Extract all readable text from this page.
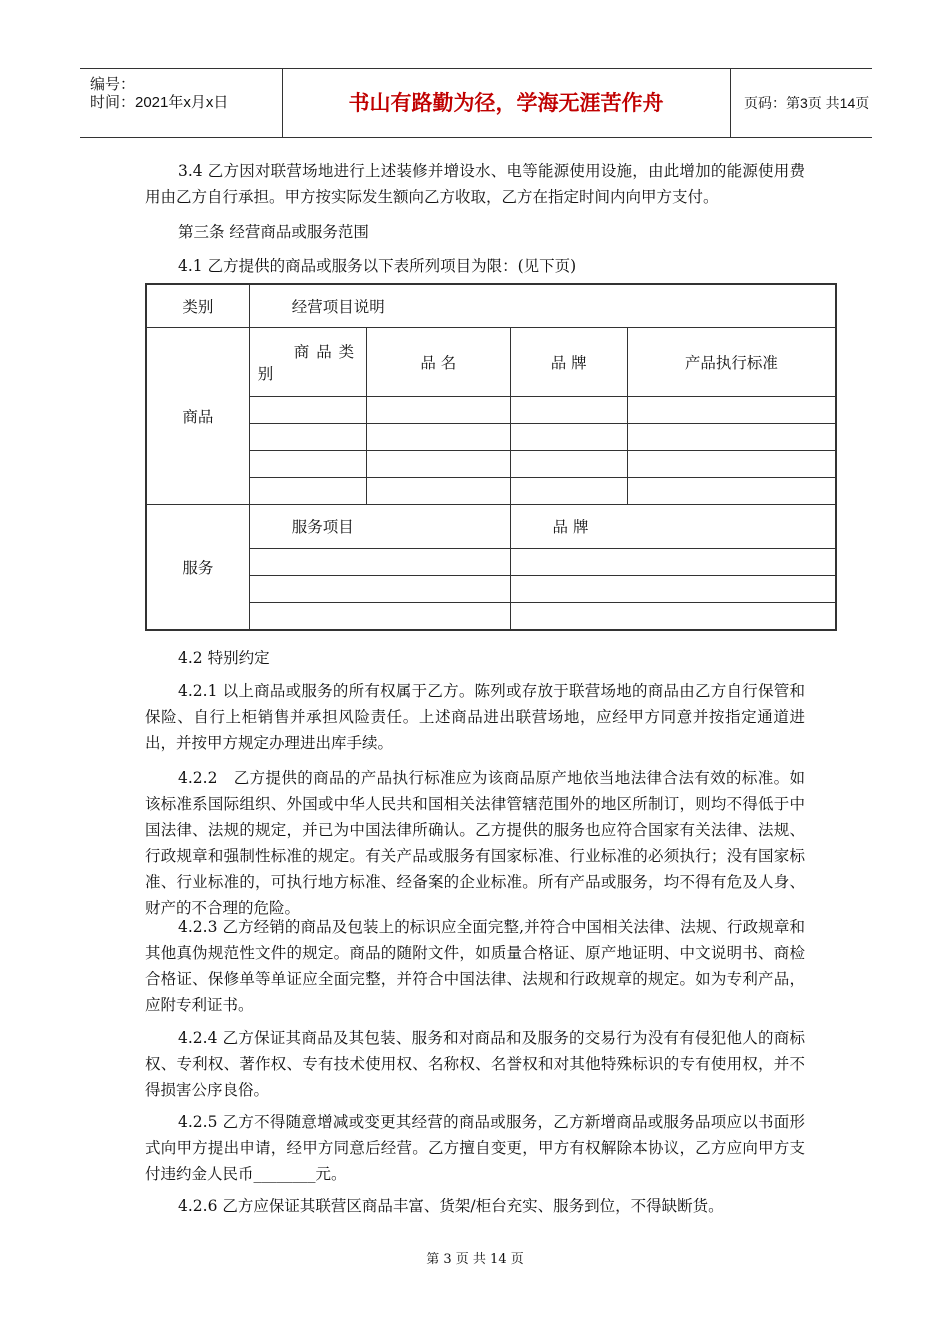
编号：
时间：2021年x月x日	书山有路勤为径，学海无涯苦作舟	页码：第3页 共14页
3.4 乙方因对联营场地进行上述装修并增设水、电等能源使用设施，由此增加的能源使用费用由乙方自行承担。甲方按实际发生额向乙方收取，乙方在指定时间内向甲方支付。
第三条 经营商品或服务范围
4.1 乙方提供的商品或服务以下表所列项目为限：(见下页)
类别	经营项目说明			
商品	商 品 类 别	品 名	品 牌	产品执行标准

服务	服务项目		品 牌	

4.2 特别约定
4.2.1 以上商品或服务的所有权属于乙方。陈列或存放于联营场地的商品由乙方自行保管和保险、自行上柜销售并承担风险责任。上述商品进出联营场地，应经甲方同意并按指定通道进出，并按甲方规定办理进出库手续。
4.2.2　乙方提供的商品的产品执行标准应为该商品原产地依当地法律合法有效的标准。如该标准系国际组织、外国或中华人民共和国相关法律管辖范围外的地区所制订，则均不得低于中国法律、法规的规定，并已为中国法律所确认。乙方提供的服务也应符合国家有关法律、法规、行政规章和强制性标准的规定。有关产品或服务有国家标准、行业标准的必须执行；没有国家标准、行业标准的，可执行地方标准、经备案的企业标准。所有产品或服务，均不得有危及人身、财产的不合理的危险。
4.2.3 乙方经销的商品及包装上的标识应全面完整,并符合中国相关法律、法规、行政规章和其他真伪规范性文件的规定。商品的随附文件，如质量合格证、原产地证明、中文说明书、商检合格证、保修单等单证应全面完整，并符合中国法律、法规和行政规章的规定。如为专利产品，应附专利证书。
4.2.4 乙方保证其商品及其包装、服务和对商品和及服务的交易行为没有有侵犯他人的商标权、专利权、著作权、专有技术使用权、名称权、名誉权和对其他特殊标识的专有使用权，并不得损害公序良俗。
4.2.5 乙方不得随意增减或变更其经营的商品或服务，乙方新增商品或服务品项应以书面形式向甲方提出申请，经甲方同意后经营。乙方擅自变更，甲方有权解除本协议，乙方应向甲方支付违约金人民币________元。
4.2.6 乙方应保证其联营区商品丰富、货架/柜台充实、服务到位，不得缺断货。
第 3 页 共 14 页
